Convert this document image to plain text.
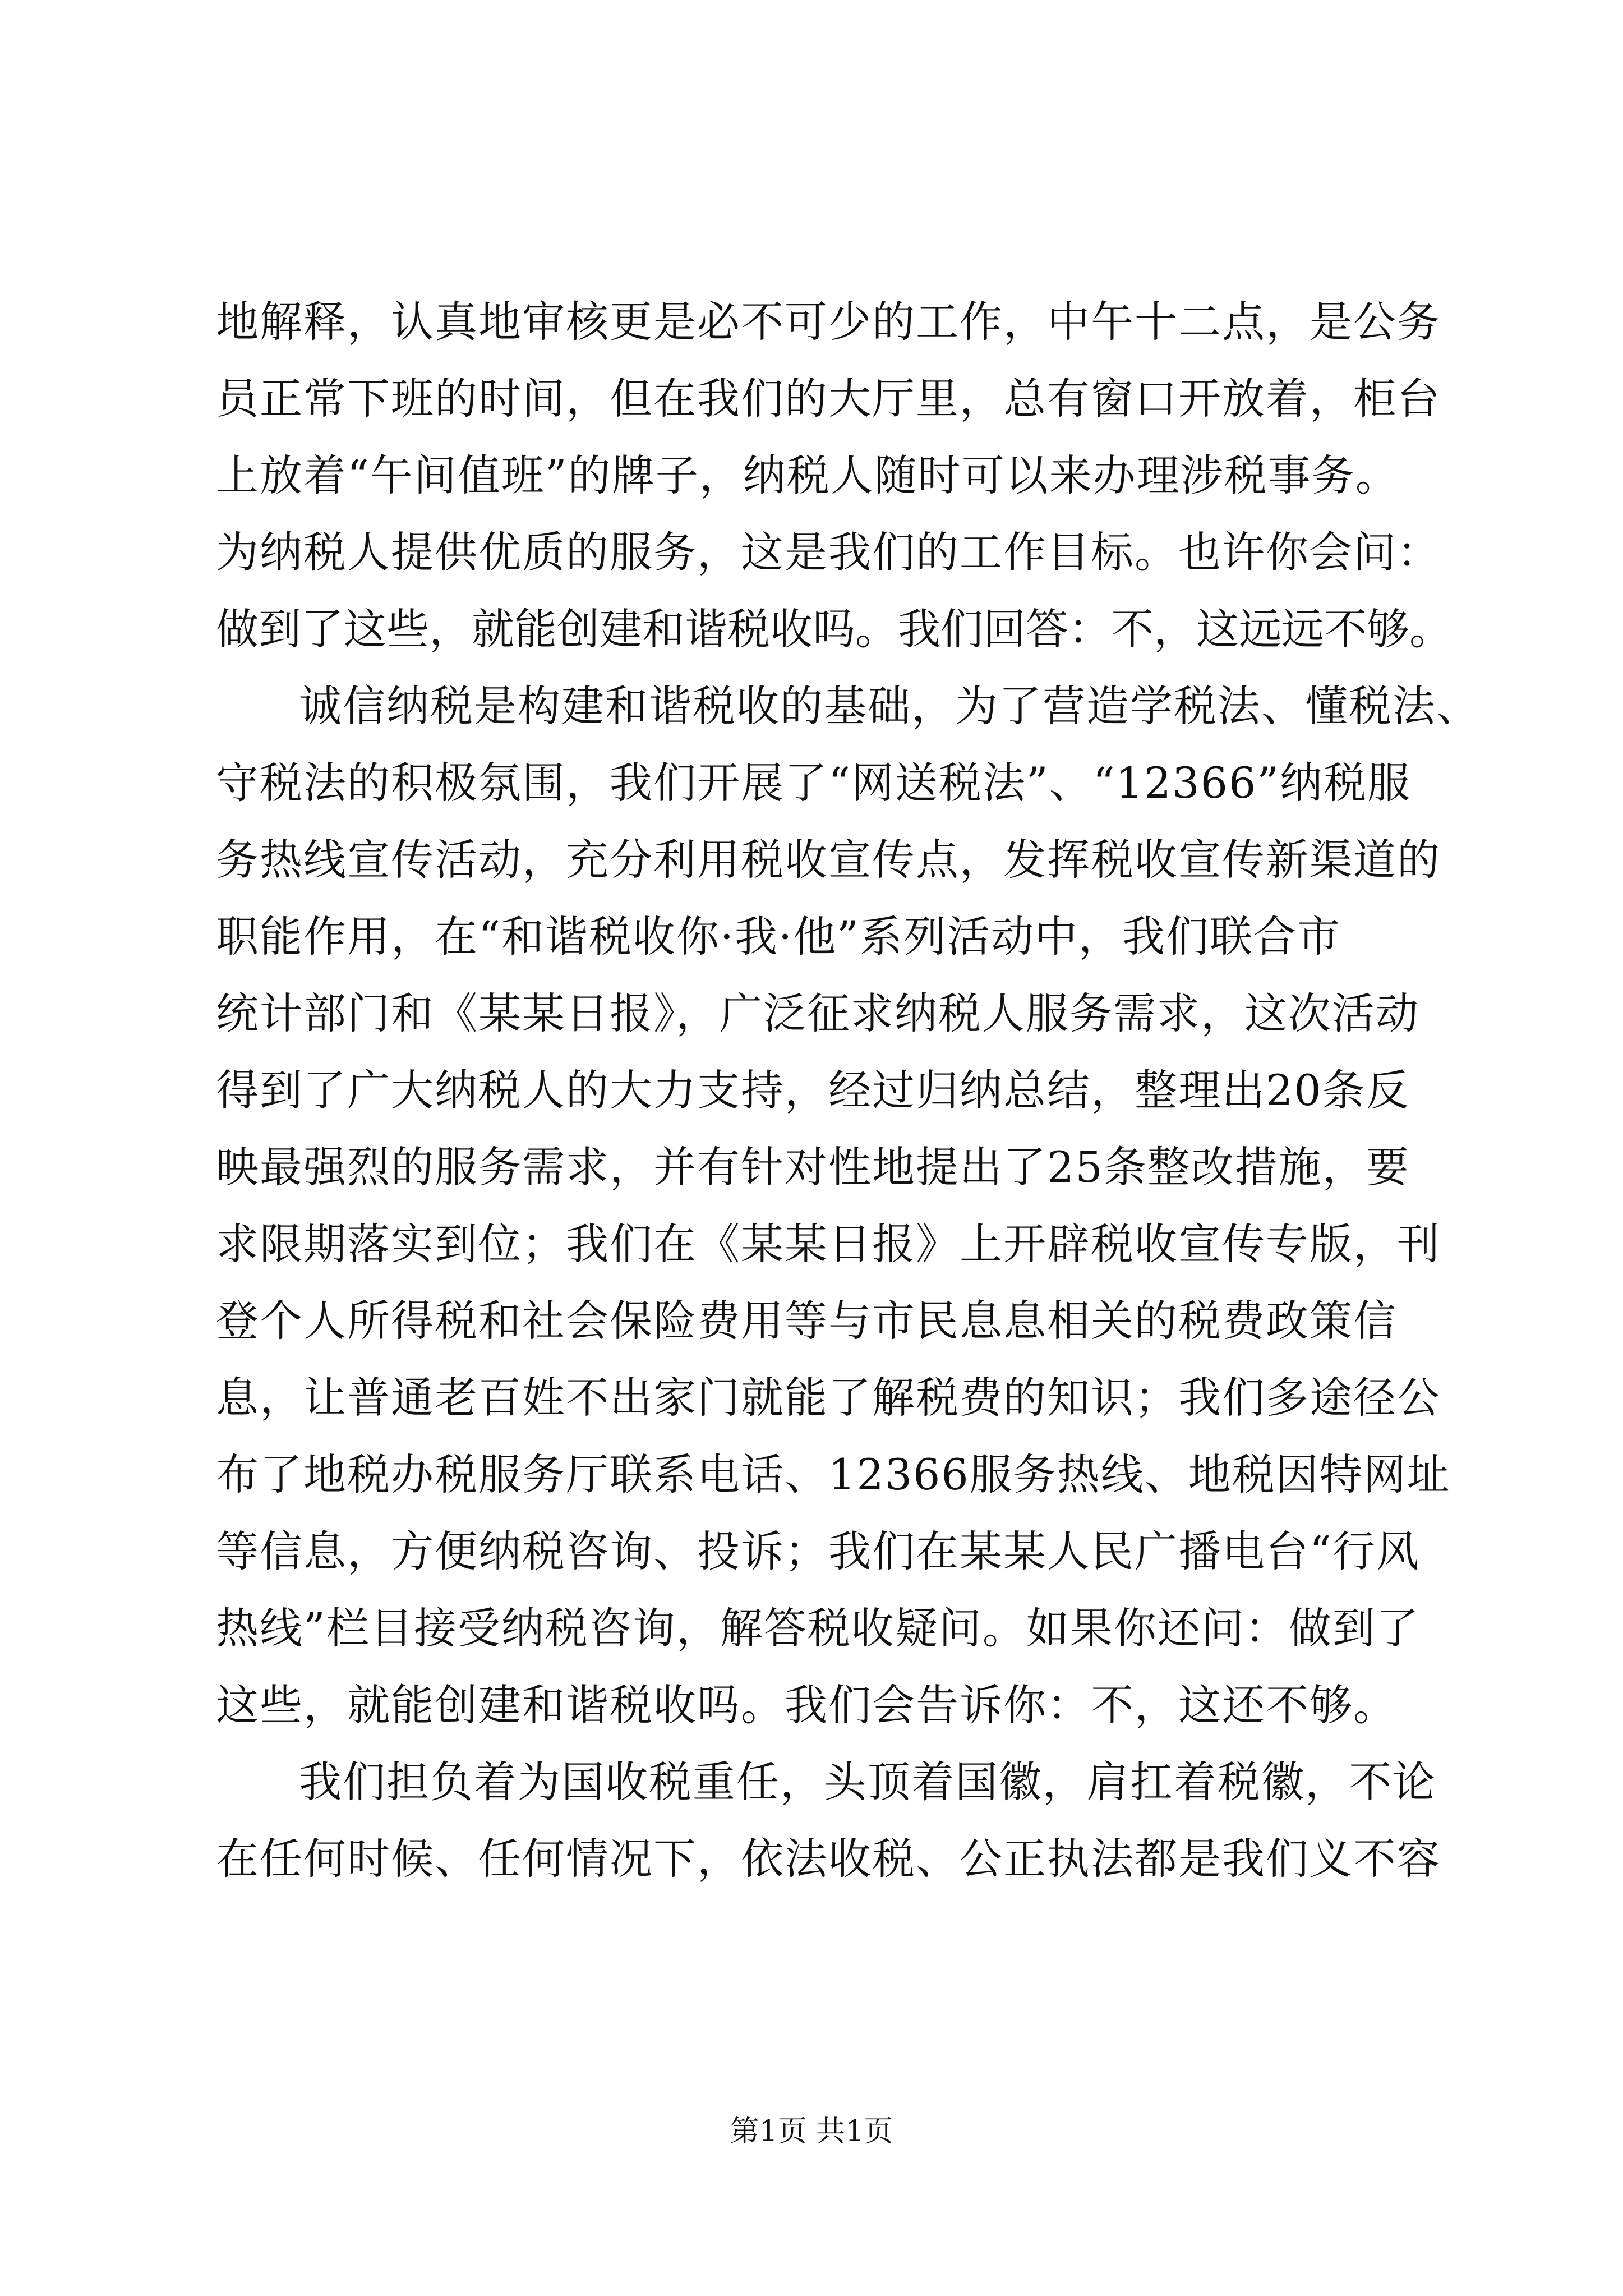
地解释，认真地审核更是必不可少的工作，中午十二点，是公务
员正常下班的时间，但在我们的大厅里，总有窗口开放着，柜台
上放着“午间值班”的牌子，纳税人随时可以来办理涉税事务。
为纳税人提供优质的服务，这是我们的工作目标。也许你会问：
做到了这些，就能创建和谐税收吗。我们回答：不，这远远不够。
诚信纳税是构建和谐税收的基础，为了营造学税法、懂税法、
守税法的积极氛围，我们开展了“网送税法”、“12366”纳税服
务热线宣传活动，充分利用税收宣传点，发挥税收宣传新渠道的
职能作用，在“和谐税收你·我·他”系列活动中，我们联合市
统计部门和《某某日报》，广泛征求纳税人服务需求，这次活动
得到了广大纳税人的大力支持，经过归纳总结，整理出20条反
映最强烈的服务需求，并有针对性地提出了25条整改措施，要
求限期落实到位；我们在《某某日报》上开辟税收宣传专版，刊
登个人所得税和社会保险费用等与市民息息相关的税费政策信
息，让普通老百姓不出家门就能了解税费的知识；我们多途径公
布了地税办税服务厅联系电话、12366服务热线、地税因特网址
等信息，方便纳税咨询、投诉；我们在某某人民广播电台“行风
热线”栏目接受纳税咨询，解答税收疑问。如果你还问：做到了
这些，就能创建和谐税收吗。我们会告诉你：不，这还不够。
我们担负着为国收税重任，头顶着国徽，肩扛着税徽，不论
在任何时候、任何情况下，依法收税、公正执法都是我们义不容
第1页 共1页
